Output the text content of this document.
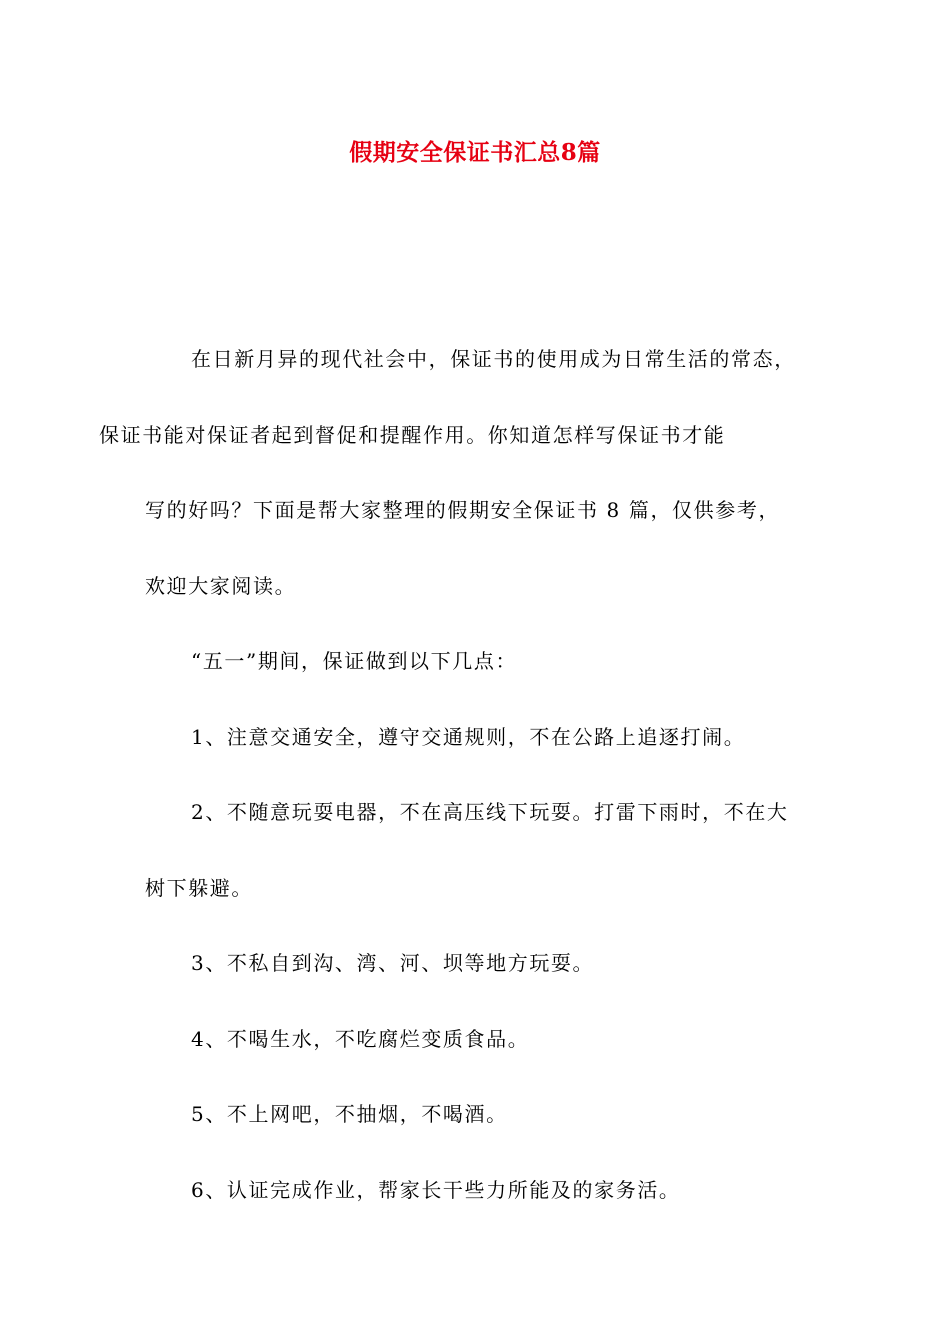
假期安全保证书汇总8篇

在日新月异的现代社会中，保证书的使用成为日常生活的常态，
保证书能对保证者起到督促和提醒作用。你知道怎样写保证书才能
写的好吗？下面是帮大家整理的假期安全保证书 8 篇，仅供参考，
欢迎大家阅读。

“五一”期间，保证做到以下几点：

1、注意交通安全，遵守交通规则，不在公路上追逐打闹。

2、不随意玩耍电器，不在高压线下玩耍。打雷下雨时，不在大
树下躲避。

3、不私自到沟、湾、河、坝等地方玩耍。

4、不喝生水，不吃腐烂变质食品。

5、不上网吧，不抽烟，不喝酒。

6、认证完成作业，帮家长干些力所能及的家务活。
